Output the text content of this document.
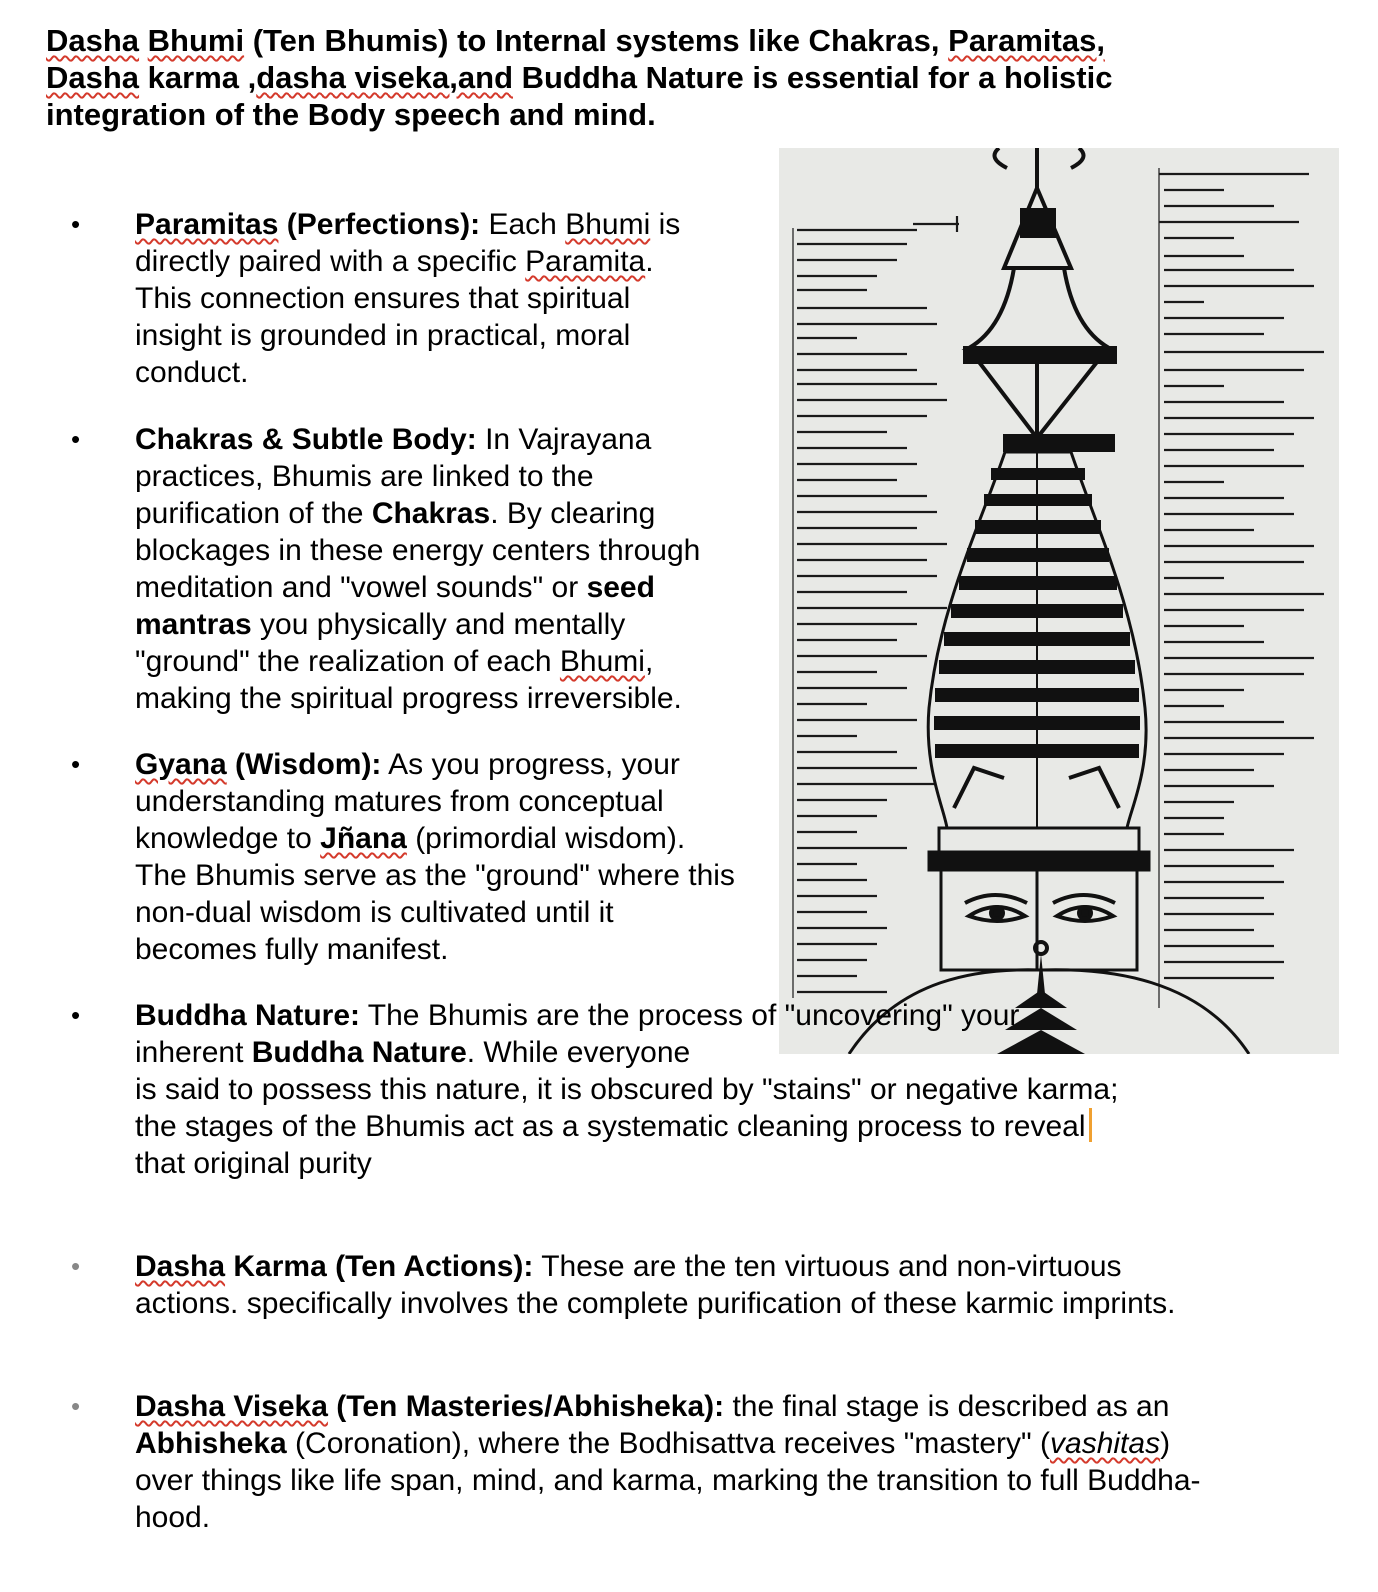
Dasha Bhumi (Ten Bhumis) to Internal systems like Chakras, Paramitas,
Dasha karma ,dasha viseka,and Buddha Nature is essential for a holistic integration of the Body speech and mind.
•	Paramitas (Perfections): Each Bhumi is directly paired with a specific Paramita. This connection ensures that spiritual insight is grounded in practical, moral conduct.
•	Chakras & Subtle Body: In Vajrayana practices, Bhumis are linked to the purification of the Chakras. By clearing blockages in these energy centers through meditation and "vowel sounds" or seed mantras you physically and mentally "ground" the realization of each Bhumi, making the spiritual progress irreversible.
•	Gyana (Wisdom): As you progress, your understanding matures from conceptual knowledge to Jñana (primordial wisdom). The Bhumis serve as the "ground" where this non-dual wisdom is cultivated until it becomes fully manifest.
•	Buddha Nature: The Bhumis are the process of "uncovering" your
inherent Buddha Nature. While everyone
is said to possess this nature, it is obscured by "stains" or negative karma;
the stages of the Bhumis act as a systematic cleaning process to reveal
that original purity
•	Dasha Karma (Ten Actions): These are the ten virtuous and non-virtuous actions. specifically involves the complete purification of these karmic imprints.
•	Dasha Viseka (Ten Masteries/Abhisheka): the final stage is described as an Abhisheka (Coronation), where the Bodhisattva receives "mastery" (vashitas) over things like life span, mind, and karma, marking the transition to full Buddha-hood.
